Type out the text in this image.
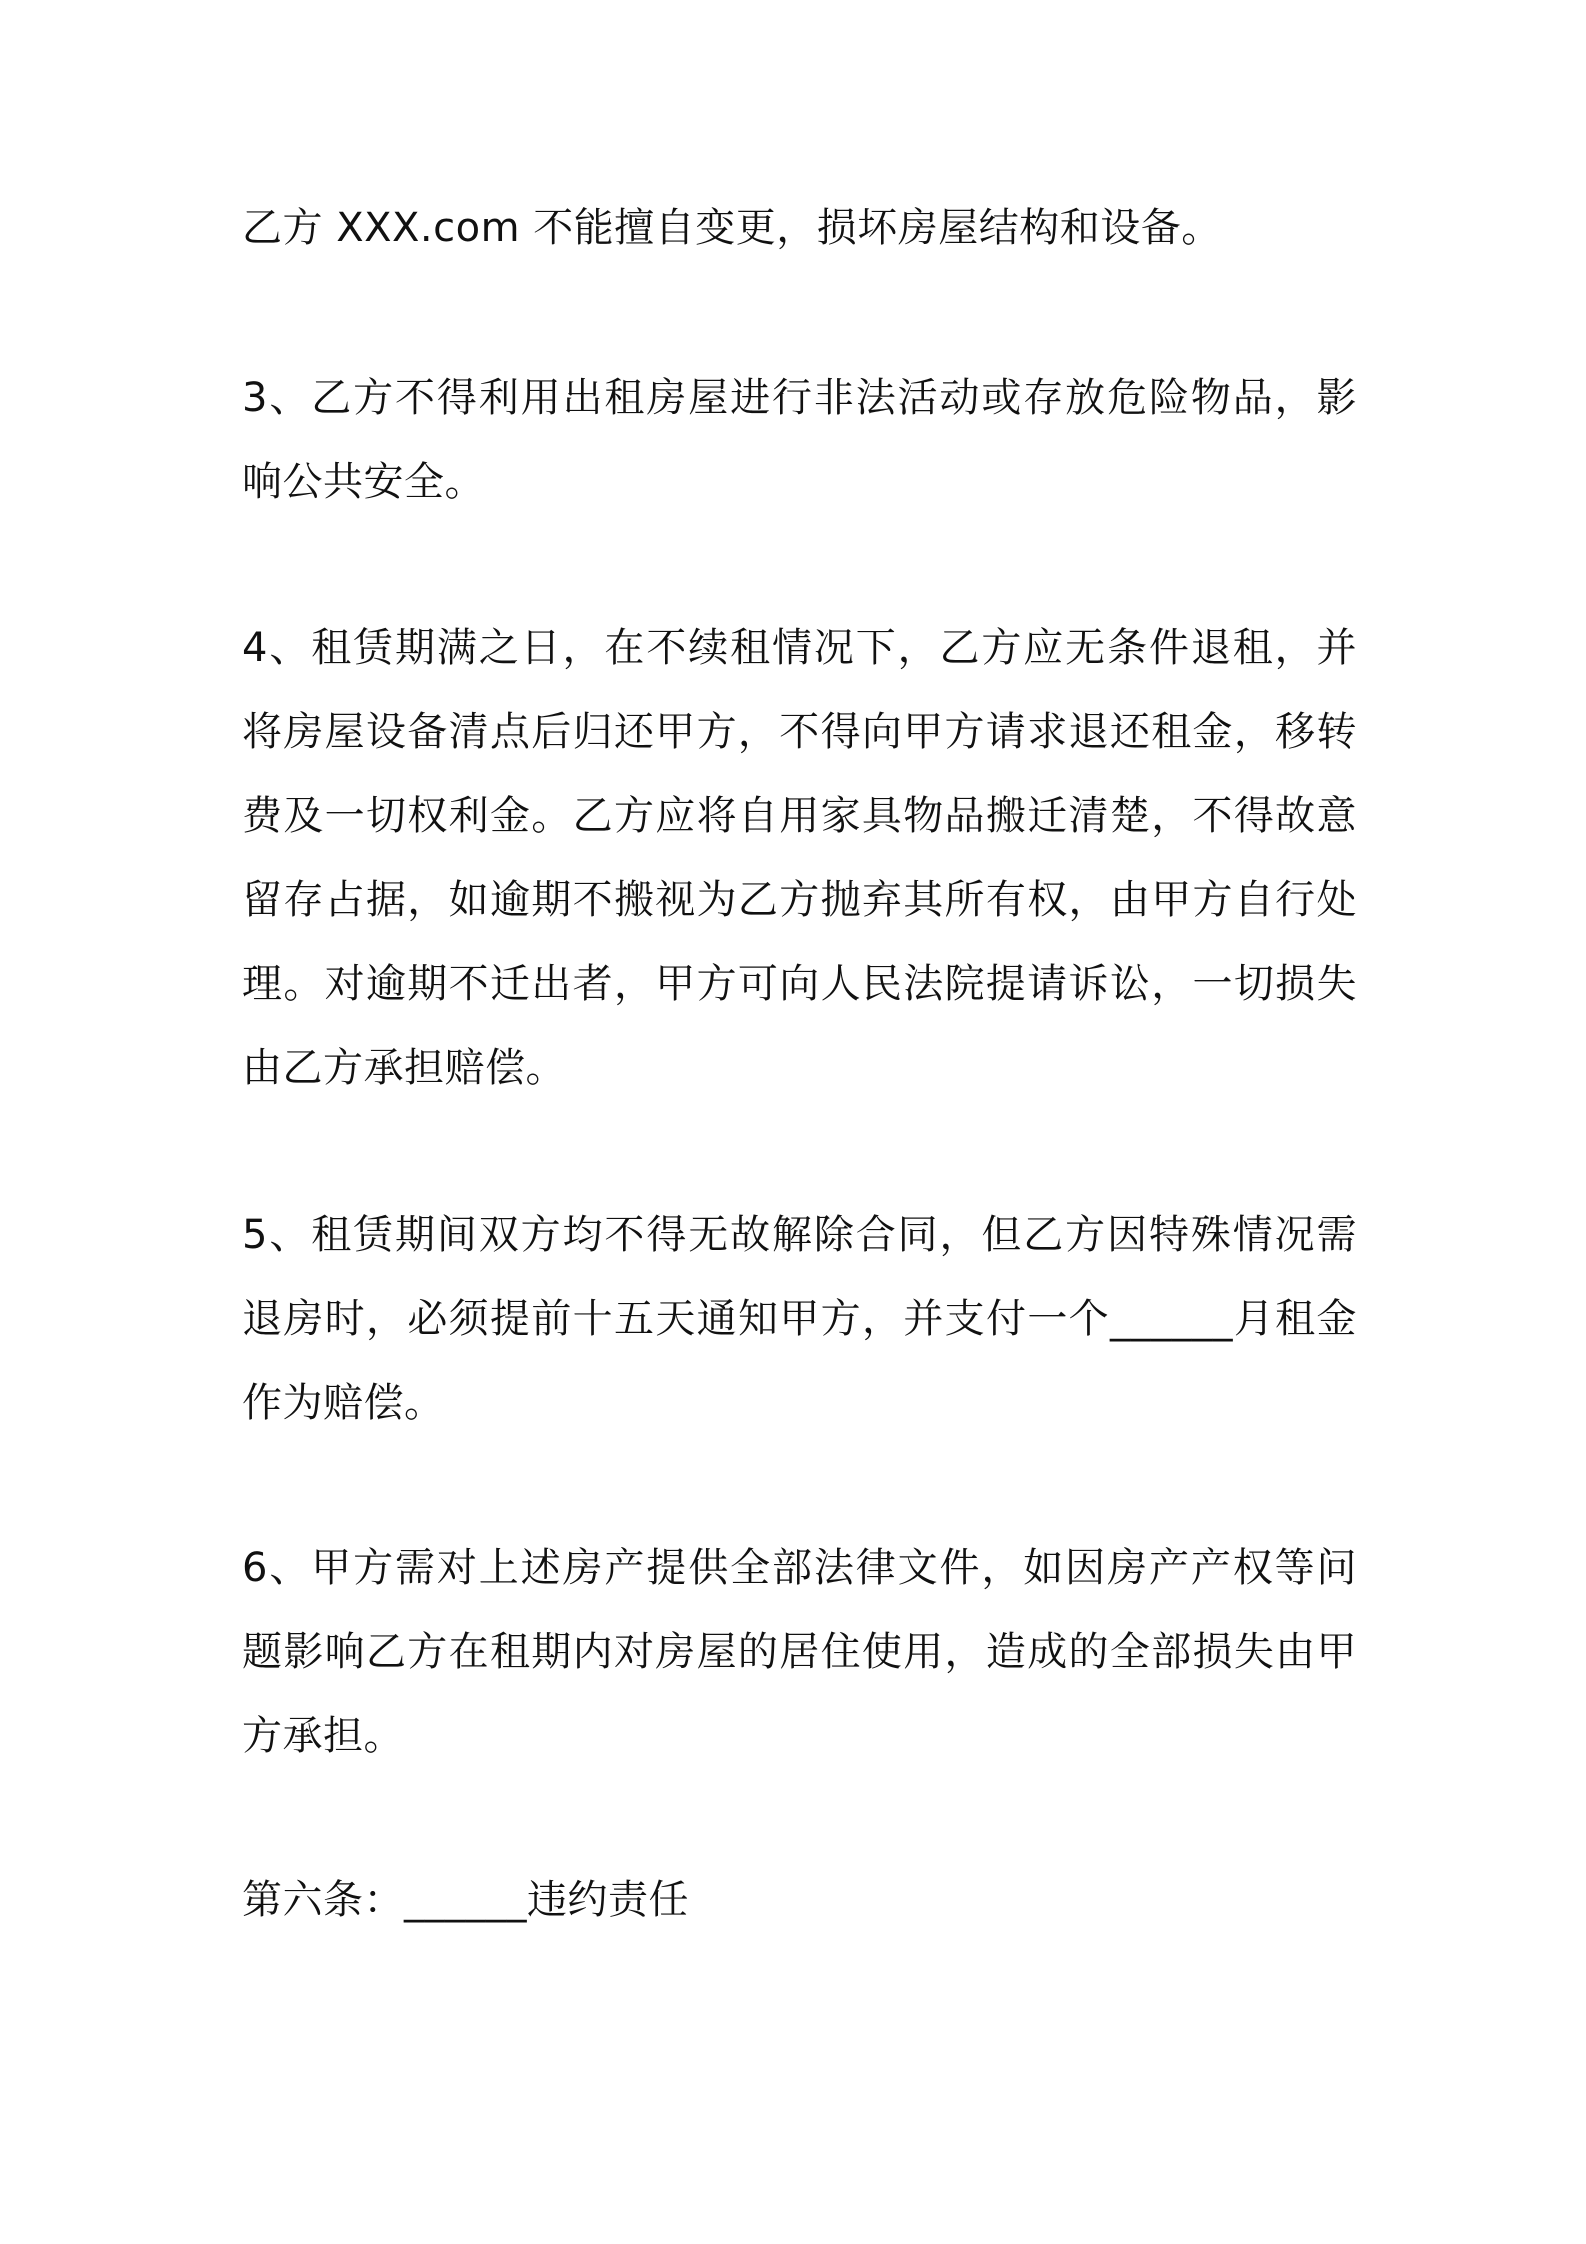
乙方 XXX.com 不能擅自变更，损坏房屋结构和设备。

3、乙方不得利用出租房屋进行非法活动或存放危险物品，影响公共安全。

4、租赁期满之日，在不续租情况下，乙方应无条件退租，并将房屋设备清点后归还甲方，不得向甲方请求退还租金，移转费及一切权利金。乙方应将自用家具物品搬迁清楚，不得故意留存占据，如逾期不搬视为乙方抛弃其所有权，由甲方自行处理。对逾期不迁出者，甲方可向人民法院提请诉讼，一切损失由乙方承担赔偿。

5、租赁期间双方均不得无故解除合同，但乙方因特殊情况需退房时，必须提前十五天通知甲方，并支付一个______月租金作为赔偿。

6、甲方需对上述房产提供全部法律文件，如因房产产权等问题影响乙方在租期内对房屋的居住使用，造成的全部损失由甲方承担。

第六条：______违约责任
